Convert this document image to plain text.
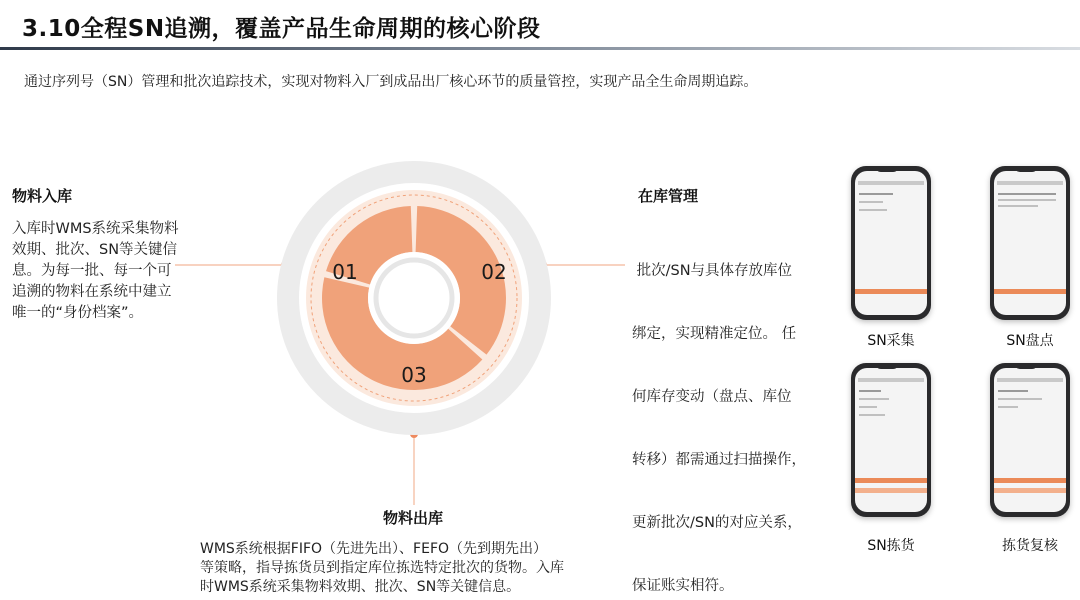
3.10全程SN追溯，覆盖产品生命周期的核心阶段
通过序列号（SN）管理和批次追踪技术，实现对物料入厂到成品出厂核心环节的质量管控，实现产品全生命周期追踪。
01	02
03
物料入库
入库时WMS系统采集物料
效期、批次、SN等关键信
息。为每一批、每一个可
追溯的物料在系统中建立
唯一的“身份档案”。
在库管理

批次/SN与具体存放库位

绑定，实现精准定位。 任

何库存变动（盘点、库位

转移）都需通过扫描操作，

更新批次/SN的对应关系，

保证账实相符。

物料出库
WMS系统根据FIFO（先进先出）、FEFO（先到期先出）
等策略，指导拣货员到指定库位拣选特定批次的货物。入库
时WMS系统采集物料效期、批次、SN等关键信息。
SN采集	SN盘点
SN拣货	拣货复核
